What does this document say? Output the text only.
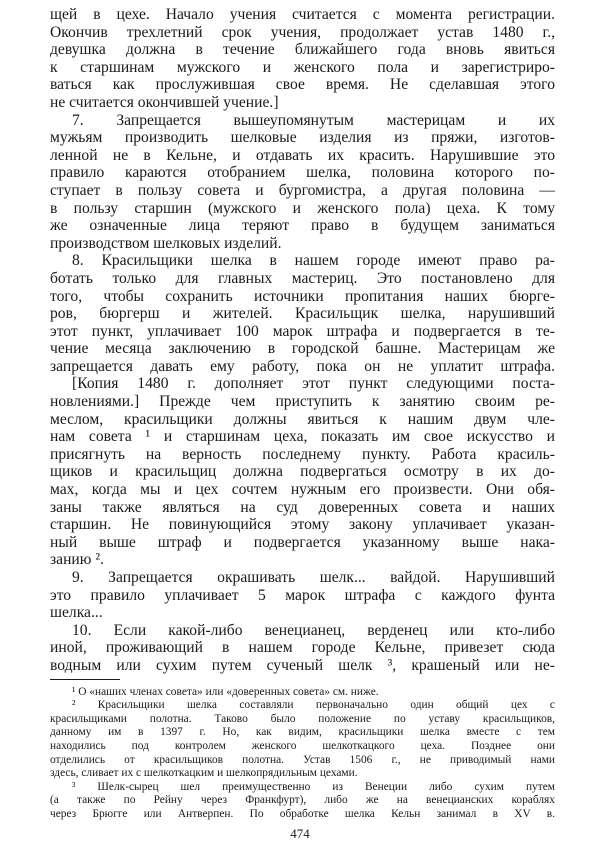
щей в цехе. Начало учения считается с момента регистрации.
Окончив трехлетний срок учения, продолжает устав 1480 г.,
девушка должна в течение ближайшего года вновь явиться
к старшинам мужского и женского пола и зарегистриро-
ваться как прослужившая свое время. Не сделавшая этого
не считается окончившей учение.]
7. Запрещается вышеупомянутым мастерицам и их
мужьям производить шелковые изделия из пряжи, изготов-
ленной не в Кельне, и отдавать их красить. Нарушившие это
правило караются отобранием шелка, половина которого по-
ступает в пользу совета и бургомистра, а другая половина —
в пользу старшин (мужского и женского пола) цеха. К тому
же означенные лица теряют право в будущем заниматься
производством шелковых изделий.
8. Красильщики шелка в нашем городе имеют право ра-
ботать только для главных мастериц. Это постановлено для
того, чтобы сохранить источники пропитания наших бюрге-
ров, бюргерш и жителей. Красильщик шелка, нарушивший
этот пункт, уплачивает 100 марок штрафа и подвергается в те-
чение месяца заключению в городской башне. Мастерицам же
запрещается давать ему работу, пока он не уплатит штрафа.
[Копия 1480 г. дополняет этот пункт следующими поста-
новлениями.] Прежде чем приступить к занятию своим ре-
меслом, красильщики должны явиться к нашим двум чле-
нам совета ¹ и старшинам цеха, показать им свое искусство и
присягнуть на верность последнему пункту. Работа красиль-
щиков и красильщиц должна подвергаться осмотру в их до-
мах, когда мы и цех сочтем нужным его произвести. Они обя-
заны также являться на суд доверенных совета и наших
старшин. Не повинующийся этому закону уплачивает указан-
ный выше штраф и подвергается указанному выше нака-
занию ².
9. Запрещается окрашивать шелк... вайдой. Нарушивший
это правило уплачивает 5 марок штрафа с каждого фунта
шелка...
10. Если какой-либо венецианец, верденец или кто-либо
иной, проживающий в нашем городе Кельне, привезет сюда
водным или сухим путем сученый шелк ³, крашеный или не-
¹ О «наших членах совета» или «доверенных совета» см. ниже.
² Красильщики шелка составляли первоначально один общий цех с
красильщиками полотна. Таково было положение по уставу красильщиков,
данному им в 1397 г. Но, как видим, красильщики шелка вместе с тем
находились под контролем женского шелкоткацкого цеха. Позднее они
отделились от красильщиков полотна. Устав 1506 г., не приводимый нами
здесь, сливает их с шелкоткацким и шелкопрядильным цехами.
³ Шелк-сырец шел преимущественно из Венеции либо сухим путем
(а также по Рейну через Франкфурт), либо же на венецианских кораблях
через Брюгге или Антверпен. По обработке шелка Кельн занимал в XV в.
474
